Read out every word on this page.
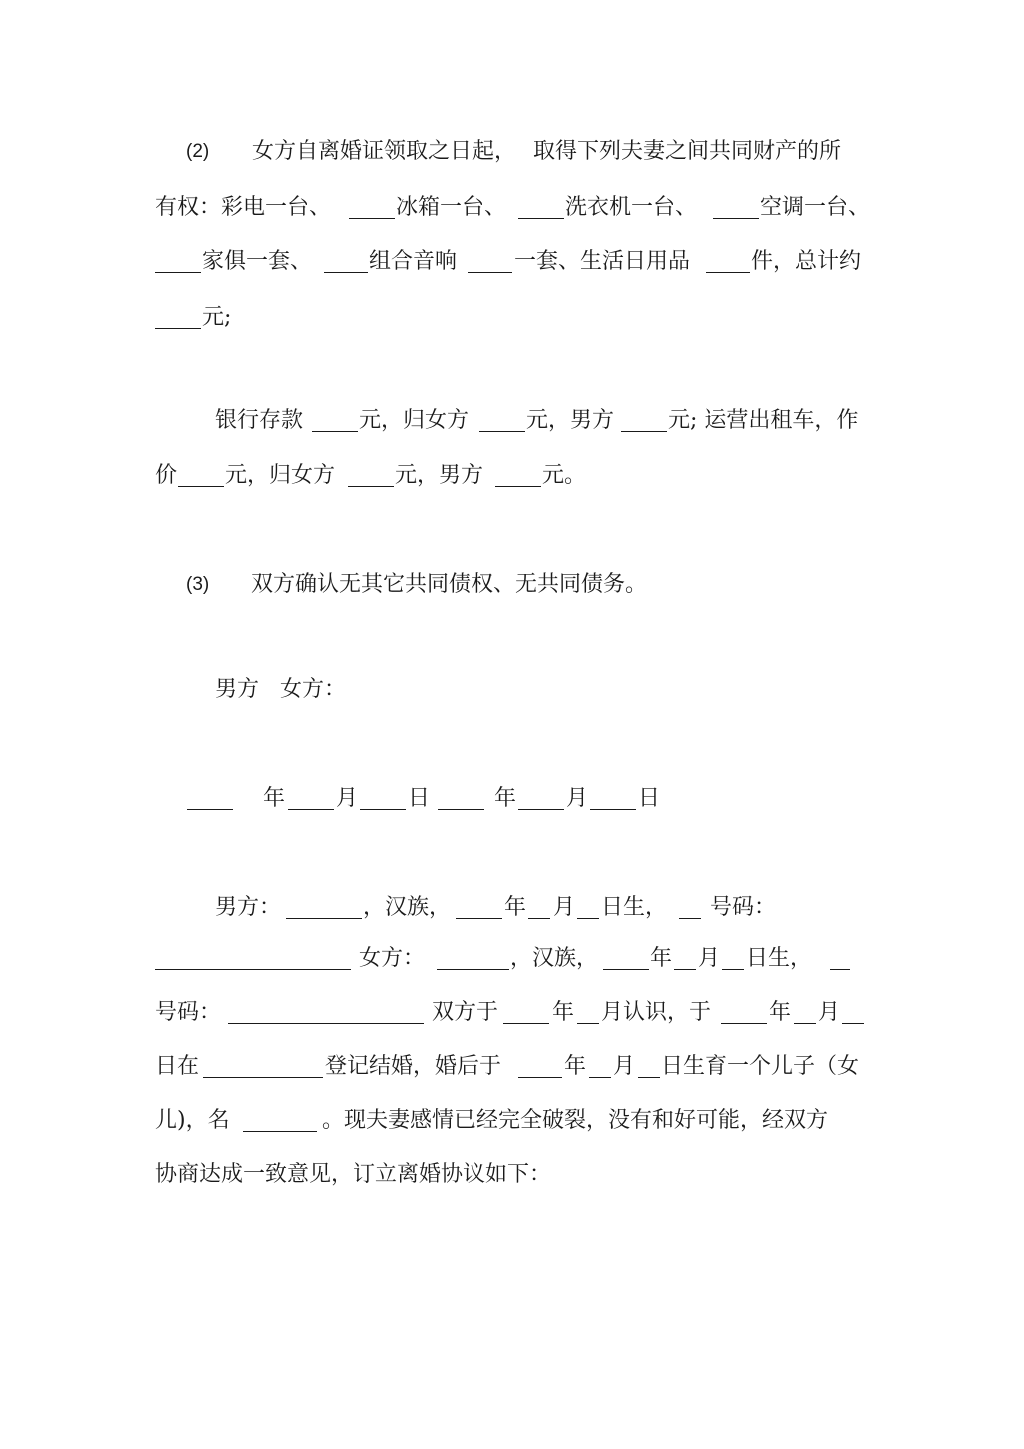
(2) 女方自离婚证领取之日起， 取得下列夫妻之间共同财产的所
有权：彩电一台、	冰箱一台、	洗衣机一台、	空调一台、
家俱一套、	组合音响	一套、生活日用品	件，总计约
元;
银行存款	元，归女方	元，男方 元; 运营出租车，作
价 元，归女方	元，男方	元。
(3) 双方确认无其它共同债权、无共同债务。
男方   女方：
年 月 日	年 月 日
男方：	，汉族， 年 月 日生， 号码：
女方：	，汉族， 年 月 日生，
号码：	双方于 年 月认识，于	年 月
日在	登记结婚，婚后于	年 月 日生育一个儿子（女
儿)，名	。现夫妻感情已经完全破裂，没有和好可能，经双方
协商达成一致意见，订立离婚协议如下：
